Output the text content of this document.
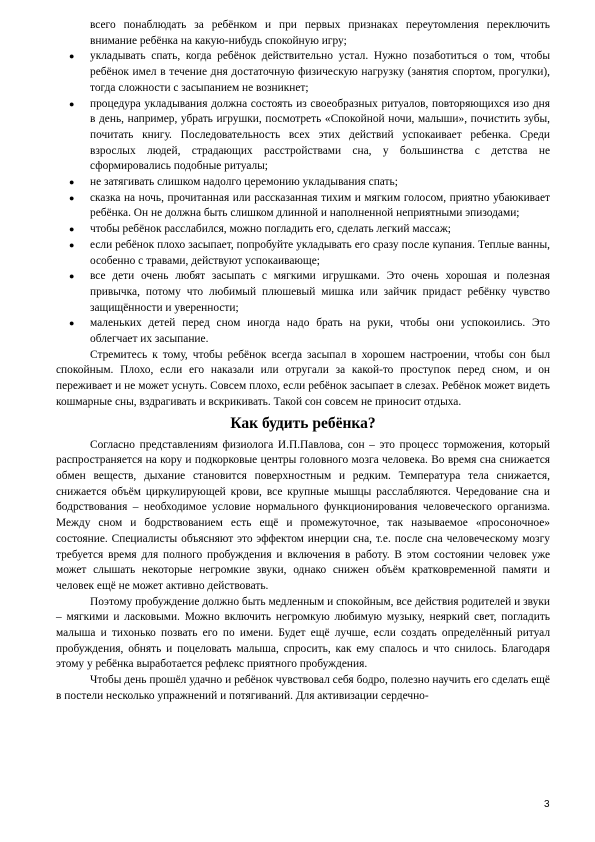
всего понаблюдать за ребёнком и при первых признаках переутомления переключить внимание ребёнка на какую-нибудь спокойную игру;

● укладывать спать, когда ребёнок действительно устал. Нужно позаботиться о том, чтобы ребёнок имел в течение дня достаточную физическую нагрузку (занятия спортом, прогулки), тогда сложности с засыпанием не возникнет;
● процедура укладывания должна состоять из своеобразных ритуалов, повторяющихся изо дня в день, например, убрать игрушки, посмотреть «Спокойной ночи, малыши», почистить зубы, почитать книгу. Последовательность всех этих действий успокаивает ребенка. Среди взрослых людей, страдающих расстройствами сна, у большинства с детства не сформировались подобные ритуалы;
● не затягивать слишком надолго церемонию укладывания спать;
● сказка на ночь, прочитанная или рассказанная тихим и мягким голосом, приятно убаюкивает ребёнка. Он не должна быть слишком длинной и наполненной неприятными эпизодами;
● чтобы ребёнок расслабился, можно погладить его, сделать легкий массаж;
● если ребёнок плохо засыпает, попробуйте укладывать его сразу после купания. Теплые ванны, особенно с травами, действуют успокаивающе;
● все дети очень любят засыпать с мягкими игрушками. Это очень хорошая и полезная привычка, потому что любимый плюшевый мишка или зайчик придаст ребёнку чувство защищённости и уверенности;
● маленьких детей перед сном иногда надо брать на руки, чтобы они успокоились. Это облегчает их засыпание.

Стремитесь к тому, чтобы ребёнок всегда засыпал в хорошем настроении, чтобы сон был спокойным. Плохо, если его наказали или отругали за какой-то проступок перед сном, и он переживает и не может уснуть. Совсем плохо, если ребёнок засыпает в слезах. Ребёнок может видеть кошмарные сны, вздрагивать и вскрикивать. Такой сон совсем не приносит отдыха.

Как будить ребёнка?

Согласно представлениям физиолога И.П.Павлова, сон – это процесс торможения, который распространяется на кору и подкорковые центры головного мозга человека. Во время сна снижается обмен веществ, дыхание становится поверхностным и редким. Температура тела снижается, снижается объём циркулирующей крови, все крупные мышцы расслабляются. Чередование сна и бодрствования – необходимое условие нормального функционирования человеческого организма. Между сном и бодрствованием есть ещё и промежуточное, так называемое «просоночное» состояние. Специалисты объясняют это эффектом инерции сна, т.е. после сна человеческому мозгу требуется время для полного пробуждения и включения в работу. В этом состоянии человек уже может слышать некоторые негромкие звуки, однако снижен объём кратковременной памяти и человек ещё не может активно действовать.

Поэтому пробуждение должно быть медленным и спокойным, все действия родителей и звуки – мягкими и ласковыми. Можно включить негромкую любимую музыку, неяркий свет, погладить малыша и тихонько позвать его по имени. Будет ещё лучше, если создать определённый ритуал пробуждения, обнять и поцеловать малыша, спросить, как ему спалось и что снилось. Благодаря этому у ребёнка выработается рефлекс приятного пробуждения.

Чтобы день прошёл удачно и ребёнок чувствовал себя бодро, полезно научить его сделать ещё в постели несколько упражнений и потягиваний. Для активизации сердечно-

3
